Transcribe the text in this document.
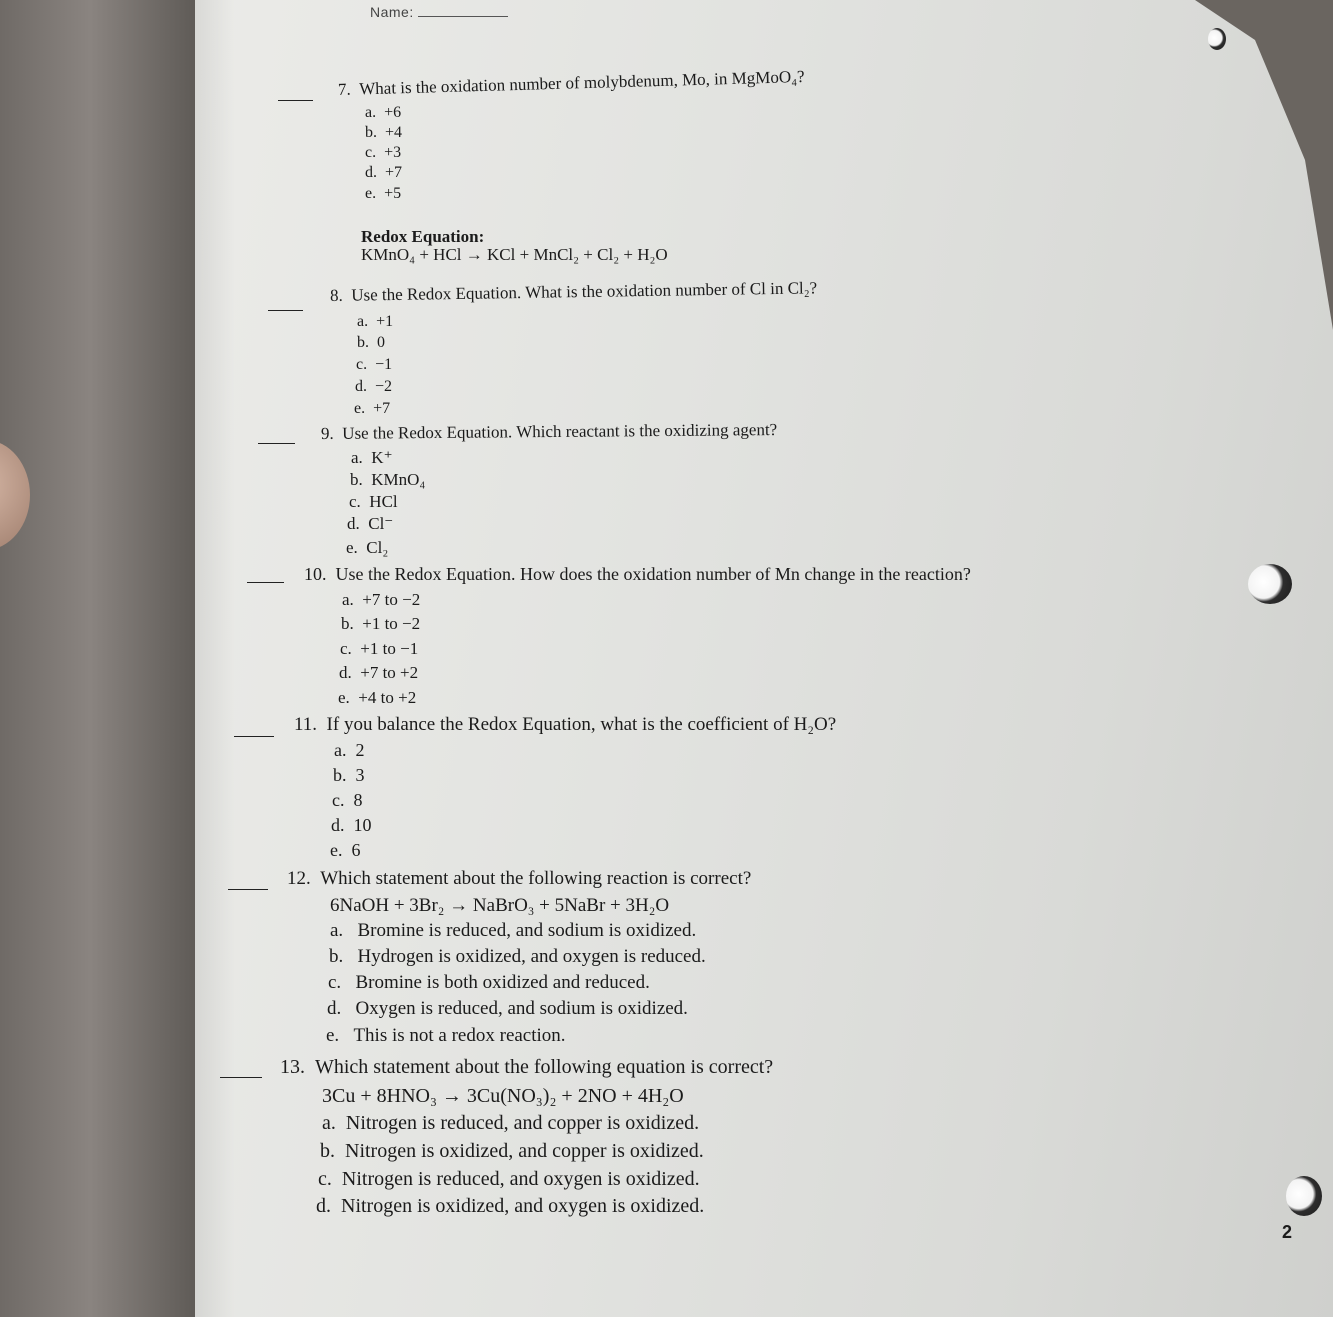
Name:
7. What is the oxidation number of molybdenum, Mo, in MgMoO₄?
a. +6
b. +4
c. +3
d. +7
e. +5
Redox Equation:
KMnO₄ + HCl → KCl + MnCl₂ + Cl₂ + H₂O
8. Use the Redox Equation. What is the oxidation number of Cl in Cl₂?
a. +1
b. 0
c. −1
d. −2
e. +7
9. Use the Redox Equation. Which reactant is the oxidizing agent?
a. K⁺
b. KMnO₄
c. HCl
d. Cl⁻
e. Cl₂
10. Use the Redox Equation. How does the oxidation number of Mn change in the reaction?
a. +7 to −2
b. +1 to −2
c. +1 to −1
d. +7 to +2
e. +4 to +2
11. If you balance the Redox Equation, what is the coefficient of H₂O?
a. 2
b. 3
c. 8
d. 10
e. 6
12. Which statement about the following reaction is correct?
6NaOH + 3Br₂ → NaBrO₃ + 5NaBr + 3H₂O
a. Bromine is reduced, and sodium is oxidized.
b. Hydrogen is oxidized, and oxygen is reduced.
c. Bromine is both oxidized and reduced.
d. Oxygen is reduced, and sodium is oxidized.
e. This is not a redox reaction.
13. Which statement about the following equation is correct?
3Cu + 8HNO₃ → 3Cu(NO₃)₂ + 2NO + 4H₂O
a. Nitrogen is reduced, and copper is oxidized.
b. Nitrogen is oxidized, and copper is oxidized.
c. Nitrogen is reduced, and oxygen is oxidized.
d. Nitrogen is oxidized, and oxygen is oxidized.
2
